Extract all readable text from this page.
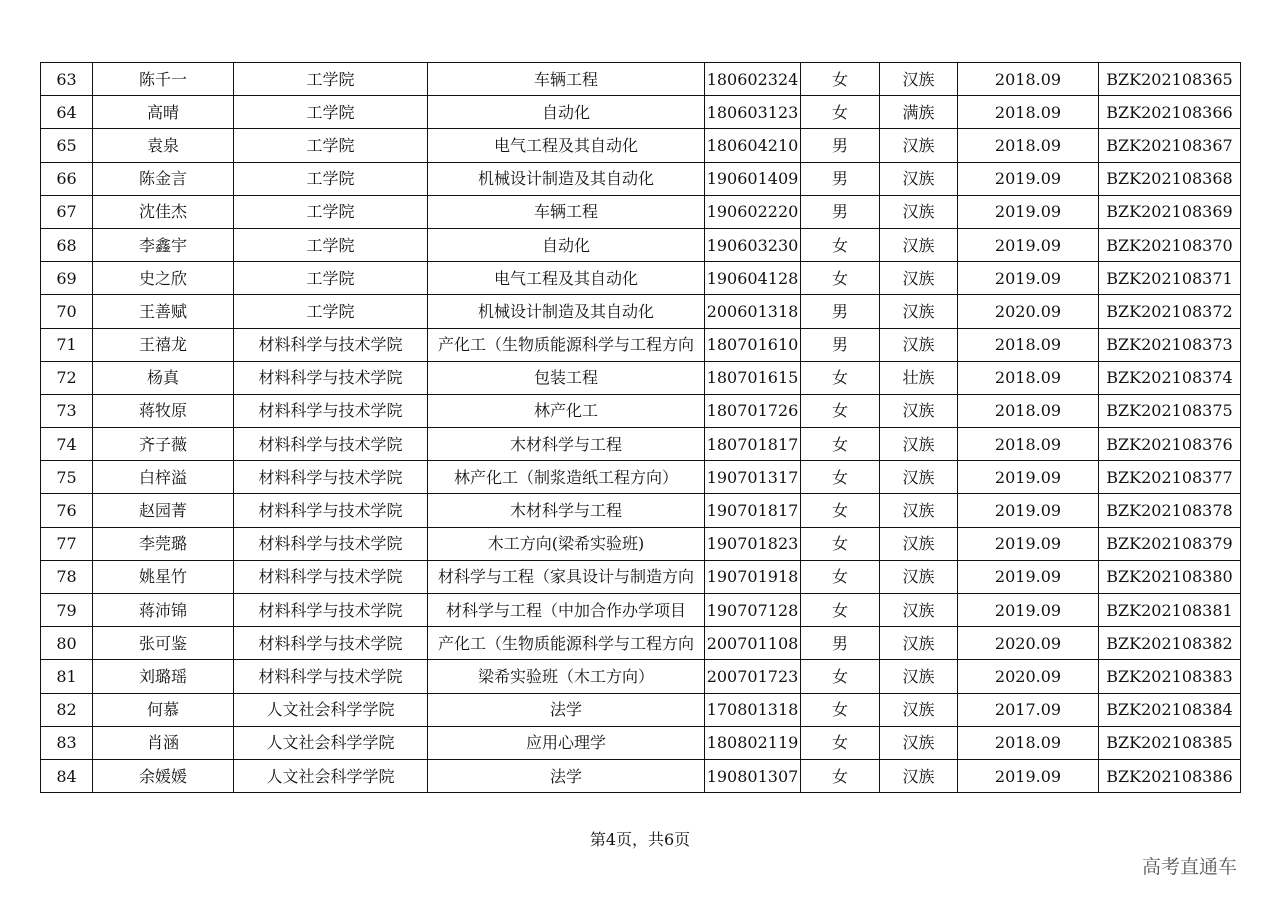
63	陈千一	工学院	车辆工程	180602324	女	汉族	2018.09	BZK202108365
64	高晴	工学院	自动化	180603123	女	满族	2018.09	BZK202108366
65	袁泉	工学院	电气工程及其自动化	180604210	男	汉族	2018.09	BZK202108367
66	陈金言	工学院	机械设计制造及其自动化	190601409	男	汉族	2019.09	BZK202108368
67	沈佳杰	工学院	车辆工程	190602220	男	汉族	2019.09	BZK202108369
68	李鑫宇	工学院	自动化	190603230	女	汉族	2019.09	BZK202108370
69	史之欣	工学院	电气工程及其自动化	190604128	女	汉族	2019.09	BZK202108371
70	王善赋	工学院	机械设计制造及其自动化	200601318	男	汉族	2020.09	BZK202108372
71	王禧龙	材料科学与技术学院	产化工（生物质能源科学与工程方向	180701610	男	汉族	2018.09	BZK202108373
72	杨真	材料科学与技术学院	包装工程	180701615	女	壮族	2018.09	BZK202108374
73	蒋牧原	材料科学与技术学院	林产化工	180701726	女	汉族	2018.09	BZK202108375
74	齐子薇	材料科学与技术学院	木材科学与工程	180701817	女	汉族	2018.09	BZK202108376
75	白梓溢	材料科学与技术学院	林产化工（制浆造纸工程方向）	190701317	女	汉族	2019.09	BZK202108377
76	赵园菁	材料科学与技术学院	木材科学与工程	190701817	女	汉族	2019.09	BZK202108378
77	李莞璐	材料科学与技术学院	木工方向(梁希实验班)	190701823	女	汉族	2019.09	BZK202108379
78	姚星竹	材料科学与技术学院	材科学与工程（家具设计与制造方向	190701918	女	汉族	2019.09	BZK202108380
79	蒋沛锦	材料科学与技术学院	材科学与工程（中加合作办学项目	190707128	女	汉族	2019.09	BZK202108381
80	张可鉴	材料科学与技术学院	产化工（生物质能源科学与工程方向	200701108	男	汉族	2020.09	BZK202108382
81	刘璐瑶	材料科学与技术学院	梁希实验班（木工方向）	200701723	女	汉族	2020.09	BZK202108383
82	何慕	人文社会科学学院	法学	170801318	女	汉族	2017.09	BZK202108384
83	肖涵	人文社会科学学院	应用心理学	180802119	女	汉族	2018.09	BZK202108385
84	余媛媛	人文社会科学学院	法学	190801307	女	汉族	2019.09	BZK202108386
第4页，共6页
高考直通车
